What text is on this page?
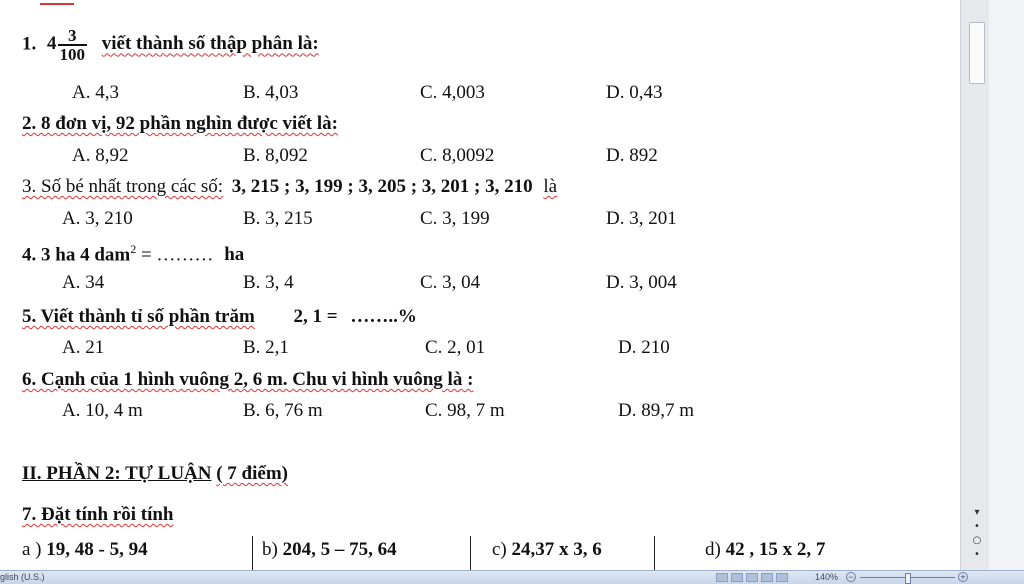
1. $4 \frac{3}{100}$ viết thành số thập phân là:
A. 4,3	B. 4,03	C. 4,003	D. 0,43
2. 8 đơn vị, 92 phần nghìn được viết là:
A. 8,92	B. 8,092	C. 8,0092	D. 892
3. Số bé nhất trong các số: 3, 215 ; 3, 199 ; 3, 205 ; 3, 201 ; 3, 210 là
A. 3, 210	B. 3, 215	C. 3, 199	D. 3, 201
4. 3 ha 4 dam$^2$ = ……… ha
A. 34	B. 3, 4	C. 3, 04	D. 3, 004
5. Viết thành tỉ số phần trăm 2, 1 = ……..%
A. 21	B. 2,1	C. 2, 01	D. 210
6. Cạnh của 1 hình vuông 2, 6 m. Chu vi hình vuông là :
A. 10, 4 m	B. 6, 76 m	C. 98, 7 m	D. 89,7 m
II. PHẦN 2: TỰ LUẬN ( 7 điểm)
7. Đặt tính rồi tính
a ) 19, 48 - 5, 94	b) 204, 5 – 75, 64	c) 24,37 x 3, 6	d) 42 , 15 x 2, 7
▾
•
○
•
glish (U.S.)	140% −	+
